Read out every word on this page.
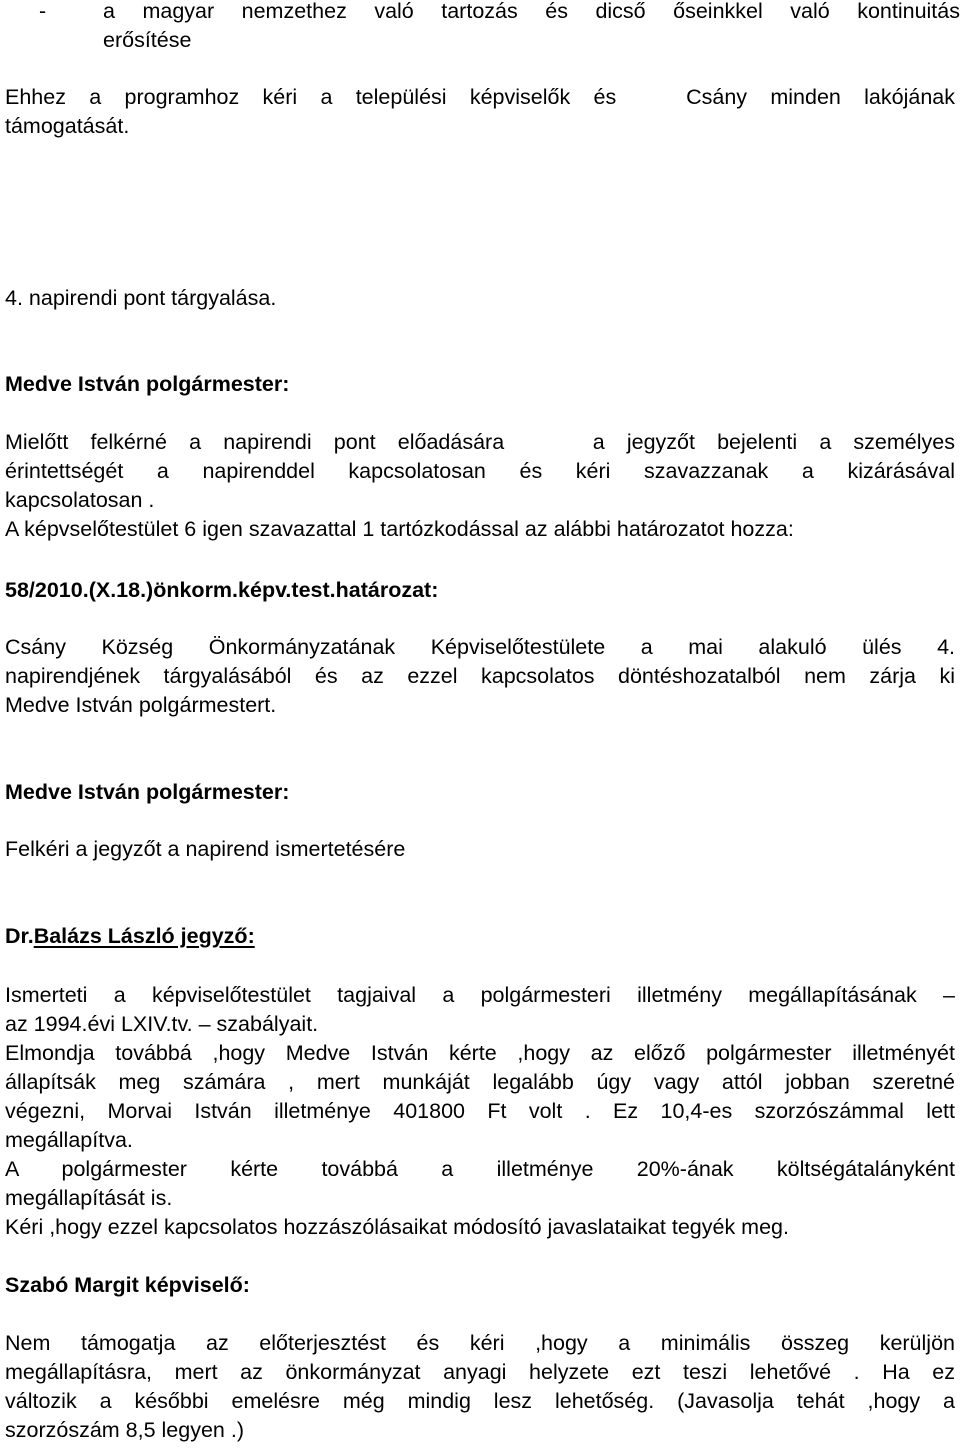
-	a magyar nemzethez való tartozás és dicső őseinkkel való kontinuitás
erősítése
Ehhez a programhoz kéri a települési képviselők és   Csány minden lakójának
támogatását.
4. napirendi pont tárgyalása.
Medve István polgármester:
Mielőtt felkérné a napirendi pont előadására    a jegyzőt bejelenti a személyes
érintettségét a napirenddel kapcsolatosan és kéri szavazzanak a kizárásával
kapcsolatosan .
A képvselőtestület 6 igen szavazattal 1 tartózkodással az alábbi határozatot hozza:
58/2010.(X.18.)önkorm.képv.test.határozat:
Csány Község Önkormányzatának Képviselőtestülete a mai alakuló ülés 4.
napirendjének tárgyalásából és az ezzel kapcsolatos döntéshozatalból nem zárja ki
Medve István polgármestert.
Medve István polgármester:
Felkéri a jegyzőt a napirend ismertetésére
Dr.Balázs László jegyző:
Ismerteti a képviselőtestület tagjaival a polgármesteri illetmény megállapításának –
az 1994.évi LXIV.tv. – szabályait.
Elmondja továbbá ,hogy Medve István kérte ,hogy az előző polgármester illetményét
állapítsák meg számára , mert munkáját legalább úgy vagy attól jobban szeretné
végezni, Morvai István illetménye 401800 Ft volt . Ez 10,4-es szorzószámmal lett
megállapítva.
A polgármester kérte továbbá a illetménye 20%-ának költségátalányként
megállapítását is.
Kéri ,hogy ezzel kapcsolatos hozzászólásaikat módosító javaslataikat tegyék meg.
Szabó Margit képviselő:
Nem támogatja az előterjesztést és kéri ,hogy a minimális összeg kerüljön
megállapításra, mert az önkormányzat anyagi helyzete ezt teszi lehetővé . Ha ez
változik a későbbi emelésre még mindig lesz lehetőség. (Javasolja tehát ,hogy a
szorzószám 8,5 legyen .)
